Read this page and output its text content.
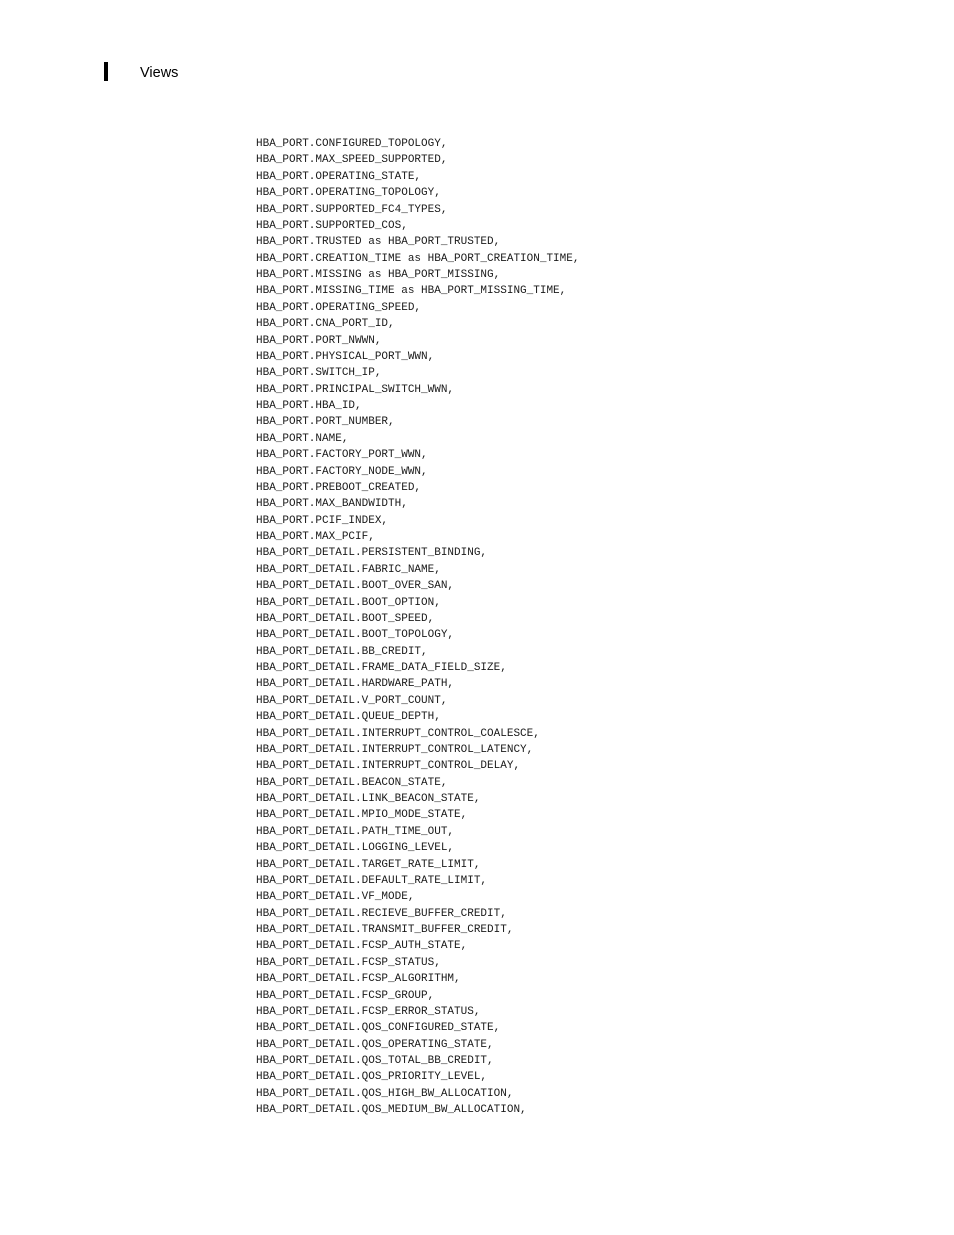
Views
HBA_PORT.CONFIGURED_TOPOLOGY,
HBA_PORT.MAX_SPEED_SUPPORTED,
HBA_PORT.OPERATING_STATE,
HBA_PORT.OPERATING_TOPOLOGY,
HBA_PORT.SUPPORTED_FC4_TYPES,
HBA_PORT.SUPPORTED_COS,
HBA_PORT.TRUSTED as HBA_PORT_TRUSTED,
HBA_PORT.CREATION_TIME as HBA_PORT_CREATION_TIME,
HBA_PORT.MISSING as HBA_PORT_MISSING,
HBA_PORT.MISSING_TIME as HBA_PORT_MISSING_TIME,
HBA_PORT.OPERATING_SPEED,
HBA_PORT.CNA_PORT_ID,
HBA_PORT.PORT_NWWN,
HBA_PORT.PHYSICAL_PORT_WWN,
HBA_PORT.SWITCH_IP,
HBA_PORT.PRINCIPAL_SWITCH_WWN,
HBA_PORT.HBA_ID,
HBA_PORT.PORT_NUMBER,
HBA_PORT.NAME,
HBA_PORT.FACTORY_PORT_WWN,
HBA_PORT.FACTORY_NODE_WWN,
HBA_PORT.PREBOOT_CREATED,
HBA_PORT.MAX_BANDWIDTH,
HBA_PORT.PCIF_INDEX,
HBA_PORT.MAX_PCIF,
HBA_PORT_DETAIL.PERSISTENT_BINDING,
HBA_PORT_DETAIL.FABRIC_NAME,
HBA_PORT_DETAIL.BOOT_OVER_SAN,
HBA_PORT_DETAIL.BOOT_OPTION,
HBA_PORT_DETAIL.BOOT_SPEED,
HBA_PORT_DETAIL.BOOT_TOPOLOGY,
HBA_PORT_DETAIL.BB_CREDIT,
HBA_PORT_DETAIL.FRAME_DATA_FIELD_SIZE,
HBA_PORT_DETAIL.HARDWARE_PATH,
HBA_PORT_DETAIL.V_PORT_COUNT,
HBA_PORT_DETAIL.QUEUE_DEPTH,
HBA_PORT_DETAIL.INTERRUPT_CONTROL_COALESCE,
HBA_PORT_DETAIL.INTERRUPT_CONTROL_LATENCY,
HBA_PORT_DETAIL.INTERRUPT_CONTROL_DELAY,
HBA_PORT_DETAIL.BEACON_STATE,
HBA_PORT_DETAIL.LINK_BEACON_STATE,
HBA_PORT_DETAIL.MPIO_MODE_STATE,
HBA_PORT_DETAIL.PATH_TIME_OUT,
HBA_PORT_DETAIL.LOGGING_LEVEL,
HBA_PORT_DETAIL.TARGET_RATE_LIMIT,
HBA_PORT_DETAIL.DEFAULT_RATE_LIMIT,
HBA_PORT_DETAIL.VF_MODE,
HBA_PORT_DETAIL.RECIEVE_BUFFER_CREDIT,
HBA_PORT_DETAIL.TRANSMIT_BUFFER_CREDIT,
HBA_PORT_DETAIL.FCSP_AUTH_STATE,
HBA_PORT_DETAIL.FCSP_STATUS,
HBA_PORT_DETAIL.FCSP_ALGORITHM,
HBA_PORT_DETAIL.FCSP_GROUP,
HBA_PORT_DETAIL.FCSP_ERROR_STATUS,
HBA_PORT_DETAIL.QOS_CONFIGURED_STATE,
HBA_PORT_DETAIL.QOS_OPERATING_STATE,
HBA_PORT_DETAIL.QOS_TOTAL_BB_CREDIT,
HBA_PORT_DETAIL.QOS_PRIORITY_LEVEL,
HBA_PORT_DETAIL.QOS_HIGH_BW_ALLOCATION,
HBA_PORT_DETAIL.QOS_MEDIUM_BW_ALLOCATION,
